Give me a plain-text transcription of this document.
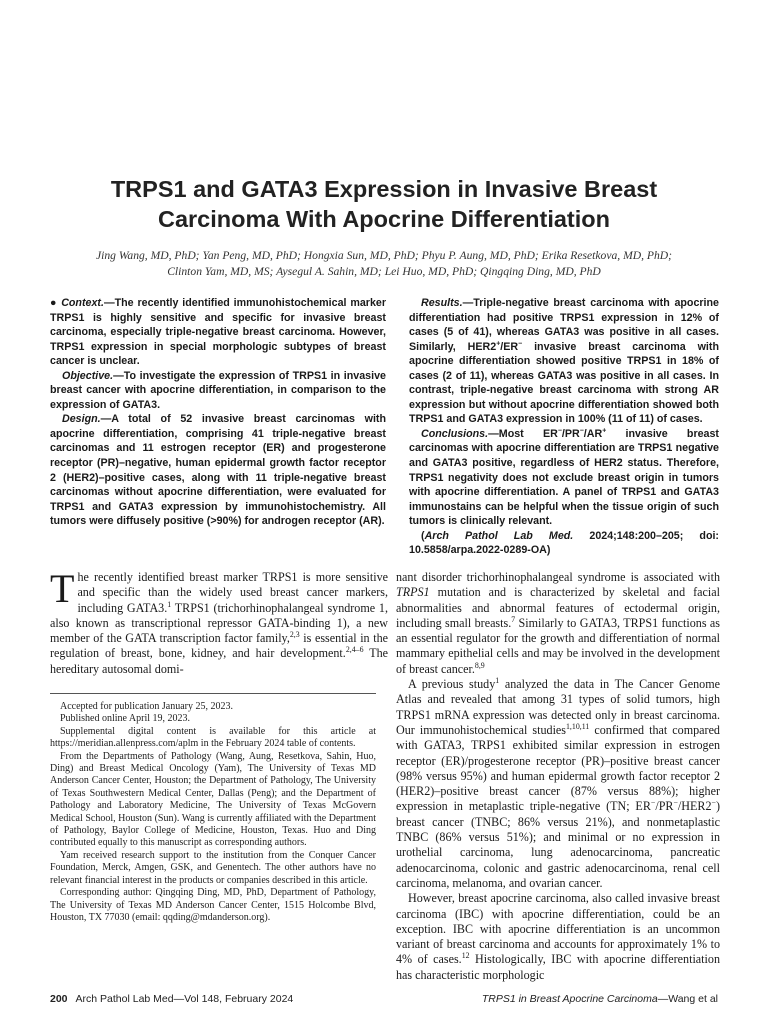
TRPS1 and GATA3 Expression in Invasive Breast
Carcinoma With Apocrine Differentiation

Jing Wang, MD, PhD; Yan Peng, MD, PhD; Hongxia Sun, MD, PhD; Phyu P. Aung, MD, PhD; Erika Resetkova, MD, PhD;
Clinton Yam, MD, MS; Aysegul A. Sahin, MD; Lei Huo, MD, PhD; Qingqing Ding, MD, PhD

● Context.—The recently identified immunohistochemical marker TRPS1 is highly sensitive and specific for invasive breast carcinoma, especially triple-negative breast carcinoma. However, TRPS1 expression in special morphologic subtypes of breast cancer is unclear.

Objective.—To investigate the expression of TRPS1 in invasive breast cancer with apocrine differentiation, in comparison to the expression of GATA3.

Design.—A total of 52 invasive breast carcinomas with apocrine differentiation, comprising 41 triple-negative breast carcinomas and 11 estrogen receptor (ER) and progesterone receptor (PR)–negative, human epidermal growth factor receptor 2 (HER2)–positive cases, along with 11 triple-negative breast carcinomas without apocrine differentiation, were evaluated for TRPS1 and GATA3 expression by immunohistochemistry. All tumors were diffusely positive (>90%) for androgen receptor (AR).

Results.—Triple-negative breast carcinoma with apocrine differentiation had positive TRPS1 expression in 12% of cases (5 of 41), whereas GATA3 was positive in all cases. Similarly, HER2+/ER− invasive breast carcinoma with apocrine differentiation showed positive TRPS1 in 18% of cases (2 of 11), whereas GATA3 was positive in all cases. In contrast, triple-negative breast carcinoma with strong AR expression but without apocrine differentiation showed both TRPS1 and GATA3 expression in 100% (11 of 11) of cases.

Conclusions.—Most ER−/PR−/AR+ invasive breast carcinomas with apocrine differentiation are TRPS1 negative and GATA3 positive, regardless of HER2 status. Therefore, TRPS1 negativity does not exclude breast origin in tumors with apocrine differentiation. A panel of TRPS1 and GATA3 immunostains can be helpful when the tissue origin of such tumors is clinically relevant.

(Arch Pathol Lab Med. 2024;148:200–205; doi: 10.5858/arpa.2022-0289-OA)

The recently identified breast marker TRPS1 is more sensitive and specific than the widely used breast cancer markers, including GATA3.$^1$ TRPS1 (trichorhinophalangeal syndrome 1, also known as transcriptional repressor GATA-binding 1), a new member of the GATA transcription factor family,$^{2,3}$ is essential in the regulation of breast, bone, kidney, and hair development.$^{2,4-6}$ The hereditary autosomal domi-

Accepted for publication January 25, 2023.

Published online April 19, 2023.

Supplemental digital content is available for this article at https://meridian.allenpress.com/aplm in the February 2024 table of contents.

From the Departments of Pathology (Wang, Aung, Resetkova, Sahin, Huo, Ding) and Breast Medical Oncology (Yam), The University of Texas MD Anderson Cancer Center, Houston; the Department of Pathology, The University of Texas Southwestern Medical Center, Dallas (Peng); and the Department of Pathology and Laboratory Medicine, The University of Texas McGovern Medical School, Houston (Sun). Wang is currently affiliated with the Department of Pathology, Baylor College of Medicine, Houston, Texas. Huo and Ding contributed equally to this manuscript as corresponding authors.

Yam received research support to the institution from the Conquer Cancer Foundation, Merck, Amgen, GSK, and Genentech. The other authors have no relevant financial interest in the products or companies described in this article.

Corresponding author: Qingqing Ding, MD, PhD, Department of Pathology, The University of Texas MD Anderson Cancer Center, 1515 Holcombe Blvd, Houston, TX 77030 (email: qqding@mdanderson.org).

nant disorder trichorhinophalangeal syndrome is associated with TRPS1 mutation and is characterized by skeletal and facial abnormalities and abnormal features of ectodermal origin, including small breasts.$^7$ Similarly to GATA3, TRPS1 functions as an essential regulator for the growth and differentiation of normal mammary epithelial cells and may be involved in the development of breast cancer.$^{8,9}$

A previous study$^1$ analyzed the data in The Cancer Genome Atlas and revealed that among 31 types of solid tumors, high TRPS1 mRNA expression was detected only in breast carcinoma. Our immunohistochemical studies$^{1,10,11}$ confirmed that compared with GATA3, TRPS1 exhibited similar expression in estrogen receptor (ER)/progesterone receptor (PR)–positive breast cancer (98% versus 95%) and human epidermal growth factor receptor 2 (HER2)–positive breast cancer (87% versus 88%); higher expression in metaplastic triple-negative (TN; ER−/PR−/HER2−) breast cancer (TNBC; 86% versus 21%), and nonmetaplastic TNBC (86% versus 51%); and minimal or no expression in urothelial carcinoma, lung adenocarcinoma, pancreatic adenocarcinoma, colonic and gastric adenocarcinoma, renal cell carcinoma, melanoma, and ovarian cancer.

However, breast apocrine carcinoma, also called invasive breast carcinoma (IBC) with apocrine differentiation, could be an exception. IBC with apocrine differentiation is an uncommon variant of breast carcinoma and accounts for approximately 1% to 4% of cases.$^{12}$ Histologically, IBC with apocrine differentiation has characteristic morphologic

200 Arch Pathol Lab Med—Vol 148, February 2024	TRPS1 in Breast Apocrine Carcinoma—Wang et al
